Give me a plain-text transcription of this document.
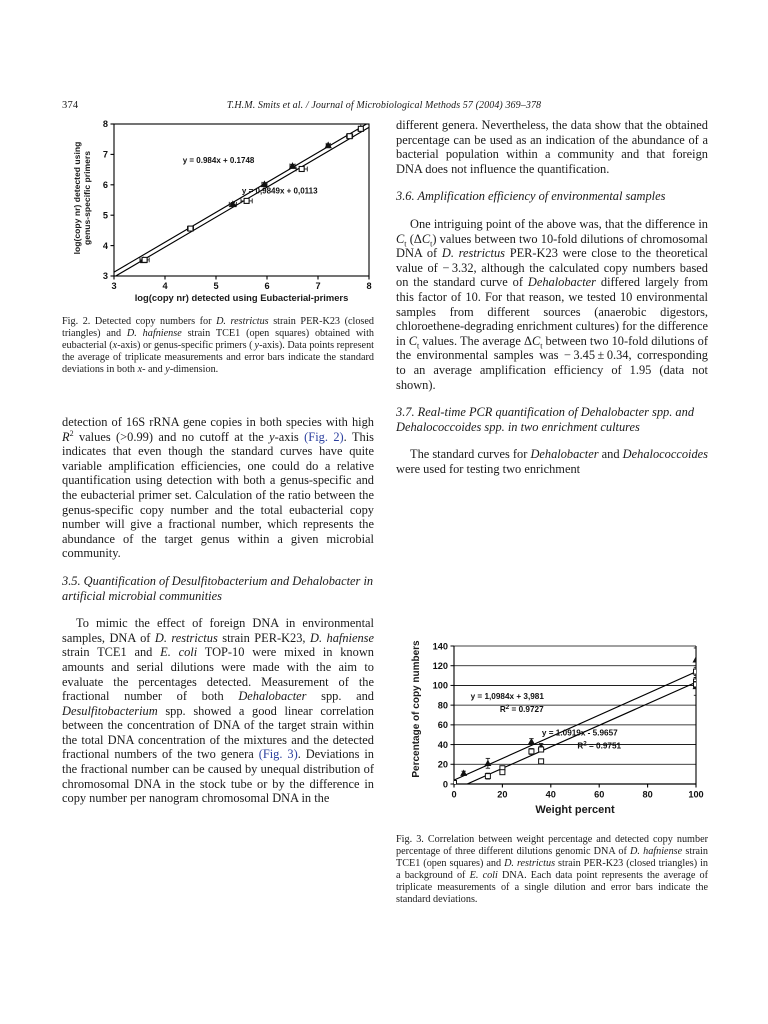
374	T.H.M. Smits et al. / Journal of Microbiological Methods 57 (2004) 369–378
log(copy nr) detected using
genus-specific primers
3
4
5
6
7
8
3	4	5	6	7	8
y = 0.984x + 0.1748
y = 0,9849x + 0,0113
log(copy nr) detected using Eubacterial-primers
Fig. 2. Detected copy numbers for D. restrictus strain PER-K23 (closed triangles) and D. hafniense strain TCE1 (open squares) obtained with eubacterial (x-axis) or genus-specific primers ( y-axis). Data points represent the average of triplicate measurements and error bars indicate the standard deviations in both x- and y-dimension.

detection of 16S rRNA gene copies in both species with high $R^2$ values (>0.99) and no cutoff at the y-axis (Fig. 2). This indicates that even though the standard curves have quite variable amplification efficiencies, one could do a relative quantification using detection with both a genus-specific and the eubacterial primer set. Calculation of the ratio between the genus-specific copy number and the total eubacterial copy number will give a fractional number, which represents the abundance of the target genus within a given microbial community.

3.5. Quantification of Desulfitobacterium and Dehalobacter in artificial microbial communities

To mimic the effect of foreign DNA in environmental samples, DNA of D. restrictus strain PER-K23, D. hafniense strain TCE1 and E. coli TOP-10 were mixed in known amounts and serial dilutions were made with the aim to evaluate the percentages detected. Measurement of the fractional number of both Dehalobacter spp. and Desulfitobacterium spp. showed a good linear correlation between the concentration of DNA of the target strain within the total DNA concentration of the mixtures and the detected fractional numbers of the two genera (Fig. 3). Deviations in the fractional number can be caused by unequal distribution of chromosomal DNA in the stock tube or by the difference in copy number per nanogram chromosomal DNA in the

different genera. Nevertheless, the data show that the obtained percentage can be used as an indication of the abundance of a bacterial population within a community and that foreign DNA does not influence the quantification.

3.6. Amplification efficiency of environmental samples

One intriguing point of the above was, that the difference in $C_t$ $(\Delta C_t)$ values between two 10-fold dilutions of chromosomal DNA of D. restrictus PER-K23 were close to the theoretical value of − 3.32, although the calculated copy numbers based on the standard curve of Dehalobacter differed largely from this factor of 10. For that reason, we tested 10 environmental samples from different sources (anaerobic digestors, chloroethene-degrading enrichment cultures) for the difference in $C_t$ values. The average $\Delta C_t$ between two 10-fold dilutions of the environmental samples was − 3.45 ± 0.34, corresponding to an average amplification efficiency of 1.95 (data not shown).

3.7. Real-time PCR quantification of Dehalobacter spp. and Dehalococcoides spp. in two enrichment cultures

The standard curves for Dehalobacter and Dehalococcoides were used for testing two enrichment

Percentage of copy numbers
0
20
40
60
80
100
120
140
0	20	40	60	80	100
y = 1,0984x + 3,981
$R^2 = 0.9727$
y = 1.0919x - 5.9657
$R^2 = 0.9751$
Weight percent
Fig. 3. Correlation between weight percentage and detected copy number percentage of three different dilutions genomic DNA of D. hafniense strain TCE1 (open squares) and D. restrictus strain PER-K23 (closed triangles) in a background of E. coli DNA. Each data point represents the average of triplicate measurements of a single dilution and error bars indicate the standard deviations.
